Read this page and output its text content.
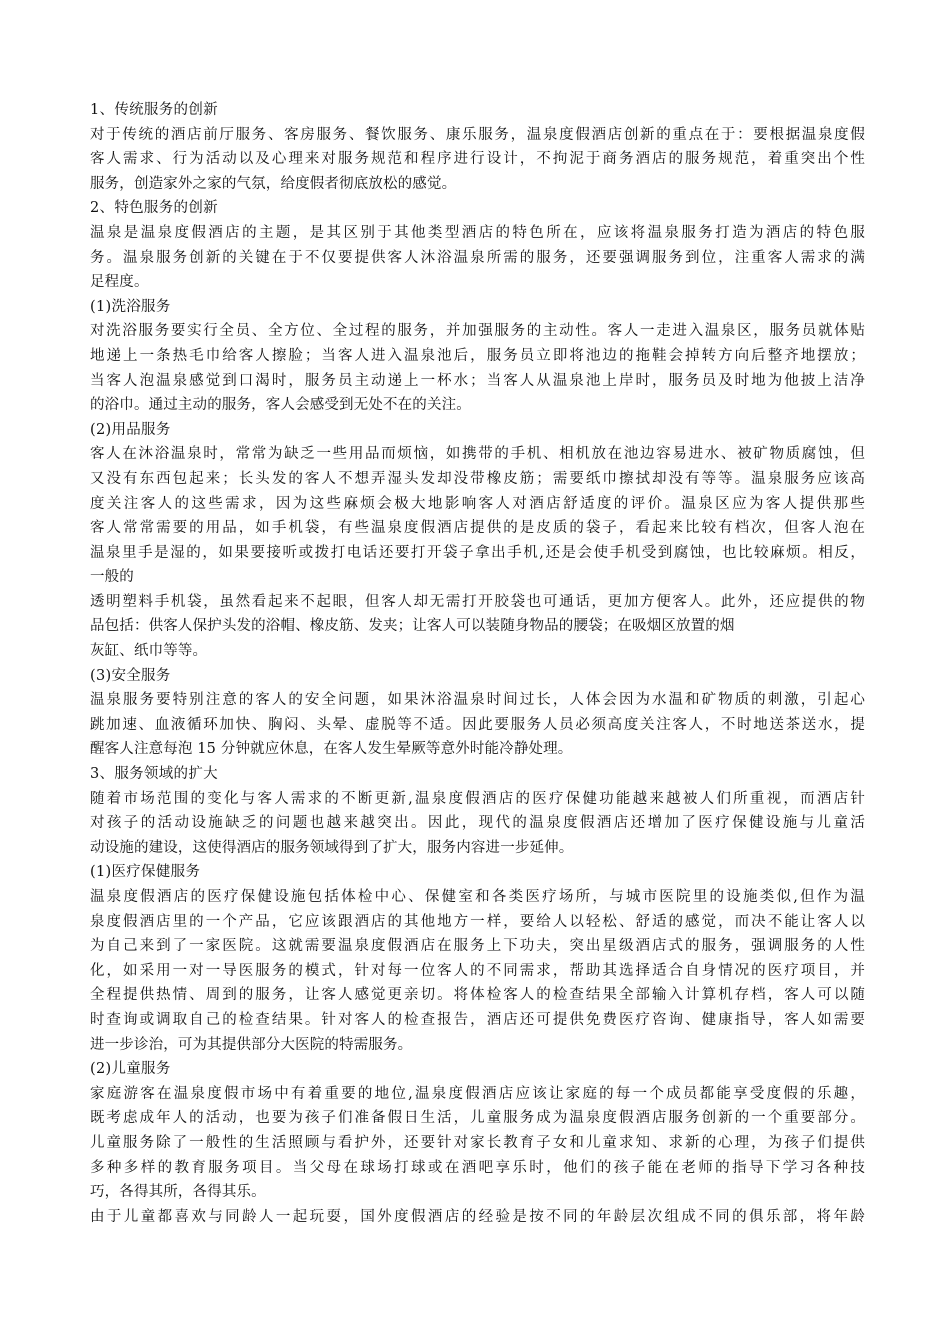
1、传统服务的创新
对于传统的酒店前厅服务、客房服务、餐饮服务、康乐服务，温泉度假酒店创新的重点在于：要根据温泉度假
客人需求、行为活动以及心理来对服务规范和程序进行设计，不拘泥于商务酒店的服务规范，着重突出个性
服务，创造家外之家的气氛，给度假者彻底放松的感觉。
2、特色服务的创新
温泉是温泉度假酒店的主题，是其区别于其他类型酒店的特色所在，应该将温泉服务打造为酒店的特色服
务。温泉服务创新的关键在于不仅要提供客人沐浴温泉所需的服务，还要强调服务到位，注重客人需求的满
足程度。
(1)洗浴服务
对洗浴服务要实行全员、全方位、全过程的服务，并加强服务的主动性。客人一走进入温泉区，服务员就体贴
地递上一条热毛巾给客人擦脸；当客人进入温泉池后，服务员立即将池边的拖鞋会掉转方向后整齐地摆放；
当客人泡温泉感觉到口渴时，服务员主动递上一杯水；当客人从温泉池上岸时，服务员及时地为他披上洁净
的浴巾。通过主动的服务，客人会感受到无处不在的关注。
(2)用品服务
客人在沐浴温泉时，常常为缺乏一些用品而烦恼，如携带的手机、相机放在池边容易进水、被矿物质腐蚀，但
又没有东西包起来；长头发的客人不想弄湿头发却没带橡皮筋；需要纸巾擦拭却没有等等。温泉服务应该高
度关注客人的这些需求，因为这些麻烦会极大地影响客人对酒店舒适度的评价。温泉区应为客人提供那些
客人常常需要的用品，如手机袋，有些温泉度假酒店提供的是皮质的袋子，看起来比较有档次，但客人泡在
温泉里手是湿的，如果要接听或拨打电话还要打开袋子拿出手机,还是会使手机受到腐蚀，也比较麻烦。相反，
一般的
透明塑料手机袋，虽然看起来不起眼，但客人却无需打开胶袋也可通话，更加方便客人。此外，还应提供的物
品包括：供客人保护头发的浴帽、橡皮筋、发夹；让客人可以装随身物品的腰袋；在吸烟区放置的烟
灰缸、纸巾等等。
(3)安全服务
温泉服务要特别注意的客人的安全问题，如果沐浴温泉时间过长，人体会因为水温和矿物质的刺激，引起心
跳加速、血液循环加快、胸闷、头晕、虚脱等不适。因此要服务人员必须高度关注客人，不时地送茶送水，提
醒客人注意每泡 15 分钟就应休息，在客人发生晕厥等意外时能冷静处理。
3、服务领域的扩大
随着市场范围的变化与客人需求的不断更新,温泉度假酒店的医疗保健功能越来越被人们所重视，而酒店针
对孩子的活动设施缺乏的问题也越来越突出。因此，现代的温泉度假酒店还增加了医疗保健设施与儿童活
动设施的建设，这使得酒店的服务领域得到了扩大，服务内容进一步延伸。
(1)医疗保健服务
温泉度假酒店的医疗保健设施包括体检中心、保健室和各类医疗场所，与城市医院里的设施类似,但作为温
泉度假酒店里的一个产品，它应该跟酒店的其他地方一样，要给人以轻松、舒适的感觉，而决不能让客人以
为自己来到了一家医院。这就需要温泉度假酒店在服务上下功夫，突出星级酒店式的服务，强调服务的人性
化，如采用一对一导医服务的模式，针对每一位客人的不同需求，帮助其选择适合自身情况的医疗项目，并
全程提供热情、周到的服务，让客人感觉更亲切。将体检客人的检查结果全部输入计算机存档，客人可以随
时查询或调取自己的检查结果。针对客人的检查报告，酒店还可提供免费医疗咨询、健康指导，客人如需要
进一步诊治，可为其提供部分大医院的特需服务。
(2)儿童服务
家庭游客在温泉度假市场中有着重要的地位,温泉度假酒店应该让家庭的每一个成员都能享受度假的乐趣，
既考虑成年人的活动，也要为孩子们准备假日生活，儿童服务成为温泉度假酒店服务创新的一个重要部分。
儿童服务除了一般性的生活照顾与看护外，还要针对家长教育子女和儿童求知、求新的心理，为孩子们提供
多种多样的教育服务项目。当父母在球场打球或在酒吧享乐时，他们的孩子能在老师的指导下学习各种技
巧，各得其所，各得其乐。
由于儿童都喜欢与同龄人一起玩耍，国外度假酒店的经验是按不同的年龄层次组成不同的俱乐部，将年龄
